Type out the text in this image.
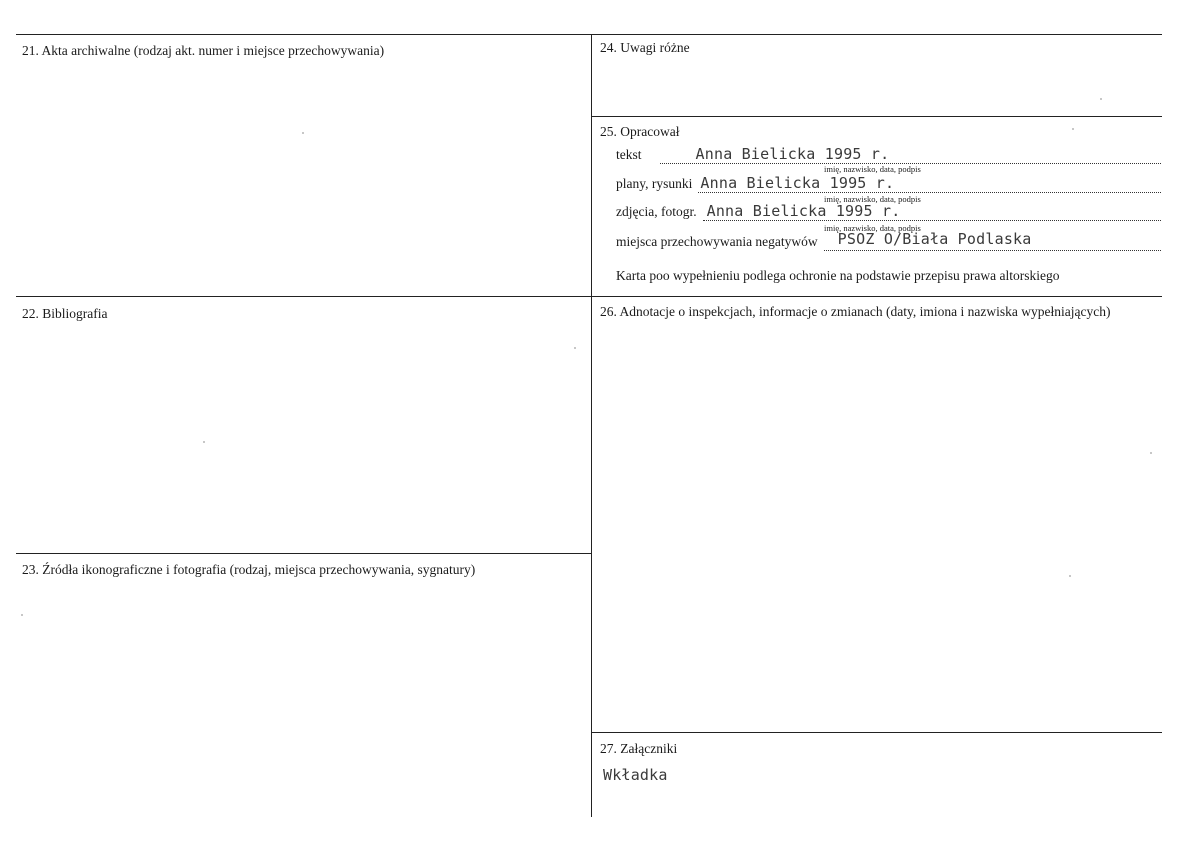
21. Akta archiwalne (rodzaj akt. numer i miejsce przechowywania)
22. Bibliografia
23. Źródła ikonograficzne i fotografia (rodzaj, miejsca przechowywania, sygnatury)
24. Uwagi różne
25. Opracował
tekst	Anna Bielicka 1995 r.
imię, nazwisko, data, podpis
plany, rysunki Anna Bielicka 1995 r.
imię, nazwisko, data, podpis
zdjęcia, fotogr. Anna Bielicka 1995 r.
imię, nazwisko, data, podpis
miejsca przechowywania negatywów PSOZ O/Biała Podlaska
Karta poo wypełnieniu podlega ochronie na podstawie przepisu prawa altorskiego
26. Adnotacje o inspekcjach, informacje o zmianach (daty, imiona i nazwiska wypełniających)
27. Załączniki
Wkładka
